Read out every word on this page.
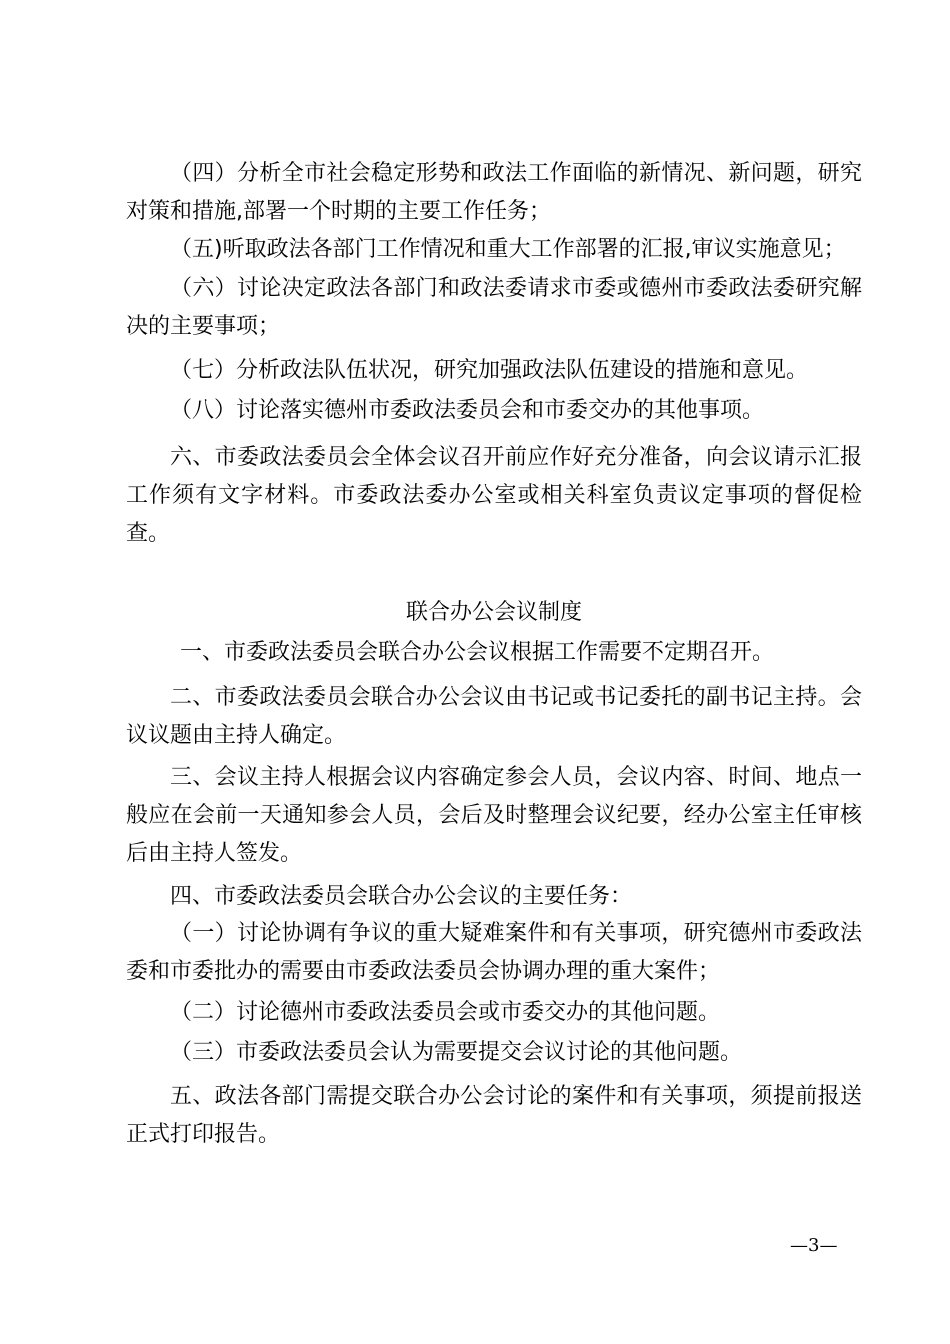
（四）分析全市社会稳定形势和政法工作面临的新情况、新问题，研究对策和措施,部署一个时期的主要工作任务；

（五)听取政法各部门工作情况和重大工作部署的汇报,审议实施意见；

（六）讨论决定政法各部门和政法委请求市委或德州市委政法委研究解决的主要事项；

（七）分析政法队伍状况，研究加强政法队伍建设的措施和意见。

（八）讨论落实德州市委政法委员会和市委交办的其他事项。

六、市委政法委员会全体会议召开前应作好充分准备，向会议请示汇报工作须有文字材料。市委政法委办公室或相关科室负责议定事项的督促检查。

联合办公会议制度

一、市委政法委员会联合办公会议根据工作需要不定期召开。

二、市委政法委员会联合办公会议由书记或书记委托的副书记主持。会议议题由主持人确定。

三、会议主持人根据会议内容确定参会人员，会议内容、时间、地点一般应在会前一天通知参会人员，会后及时整理会议纪要，经办公室主任审核后由主持人签发。

四、市委政法委员会联合办公会议的主要任务：

（一）讨论协调有争议的重大疑难案件和有关事项，研究德州市委政法委和市委批办的需要由市委政法委员会协调办理的重大案件；

（二）讨论德州市委政法委员会或市委交办的其他问题。

（三）市委政法委员会认为需要提交会议讨论的其他问题。

五、政法各部门需提交联合办公会讨论的案件和有关事项，须提前报送正式打印报告。

—3—
